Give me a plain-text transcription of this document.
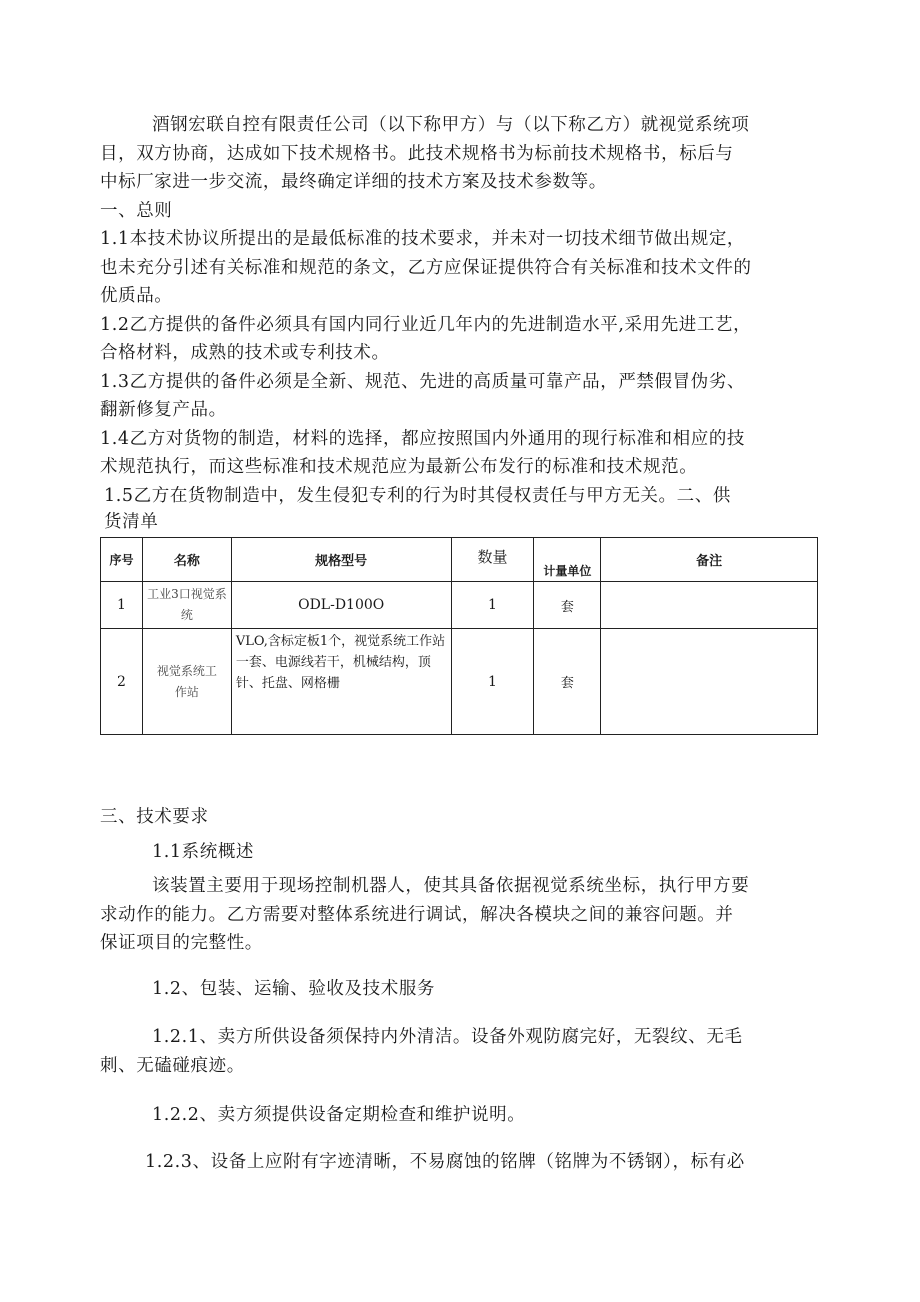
酒钢宏联自控有限责任公司（以下称甲方）与（以下称乙方）就视觉系统项
目，双方协商，达成如下技术规格书。此技术规格书为标前技术规格书，标后与
中标厂家进一步交流，最终确定详细的技术方案及技术参数等。
一、总则
1.1本技术协议所提出的是最低标准的技术要求，并未对一切技术细节做出规定，
也未充分引述有关标准和规范的条文，乙方应保证提供符合有关标准和技术文件的
优质品。
1.2乙方提供的备件必须具有国内同行业近几年内的先进制造水平,采用先进工艺，
合格材料，成熟的技术或专利技术。
1.3乙方提供的备件必须是全新、规范、先进的高质量可靠产品，严禁假冒伪劣、
翻新修复产品。
1.4乙方对货物的制造，材料的选择，都应按照国内外通用的现行标准和相应的技
术规范执行，而这些标准和技术规范应为最新公布发行的标准和技术规范。
1.5乙方在货物制造中，发生侵犯专利的行为时其侵权责任与甲方无关。二、供
货清单
序号	名称	规格型号	数量	计量单位	备注
1	工业3口视觉系统	ODL-D100O	1	套	
2	视觉系统工作站	VLO,含标定板1个，视觉系统工作站一套、电源线若干，机械结构，顶针、托盘、网格栅	1	套	
三、技术要求
1.1系统概述
该装置主要用于现场控制机器人，使其具备依据视觉系统坐标，执行甲方要
求动作的能力。乙方需要对整体系统进行调试，解决各模块之间的兼容问题。并
保证项目的完整性。
1.2、包装、运输、验收及技术服务
1.2.1、卖方所供设备须保持内外清洁。设备外观防腐完好，无裂纹、无毛
刺、无磕碰痕迹。
1.2.2、卖方须提供设备定期检查和维护说明。
1.2.3、设备上应附有字迹清晰，不易腐蚀的铭牌（铭牌为不锈钢），标有必
